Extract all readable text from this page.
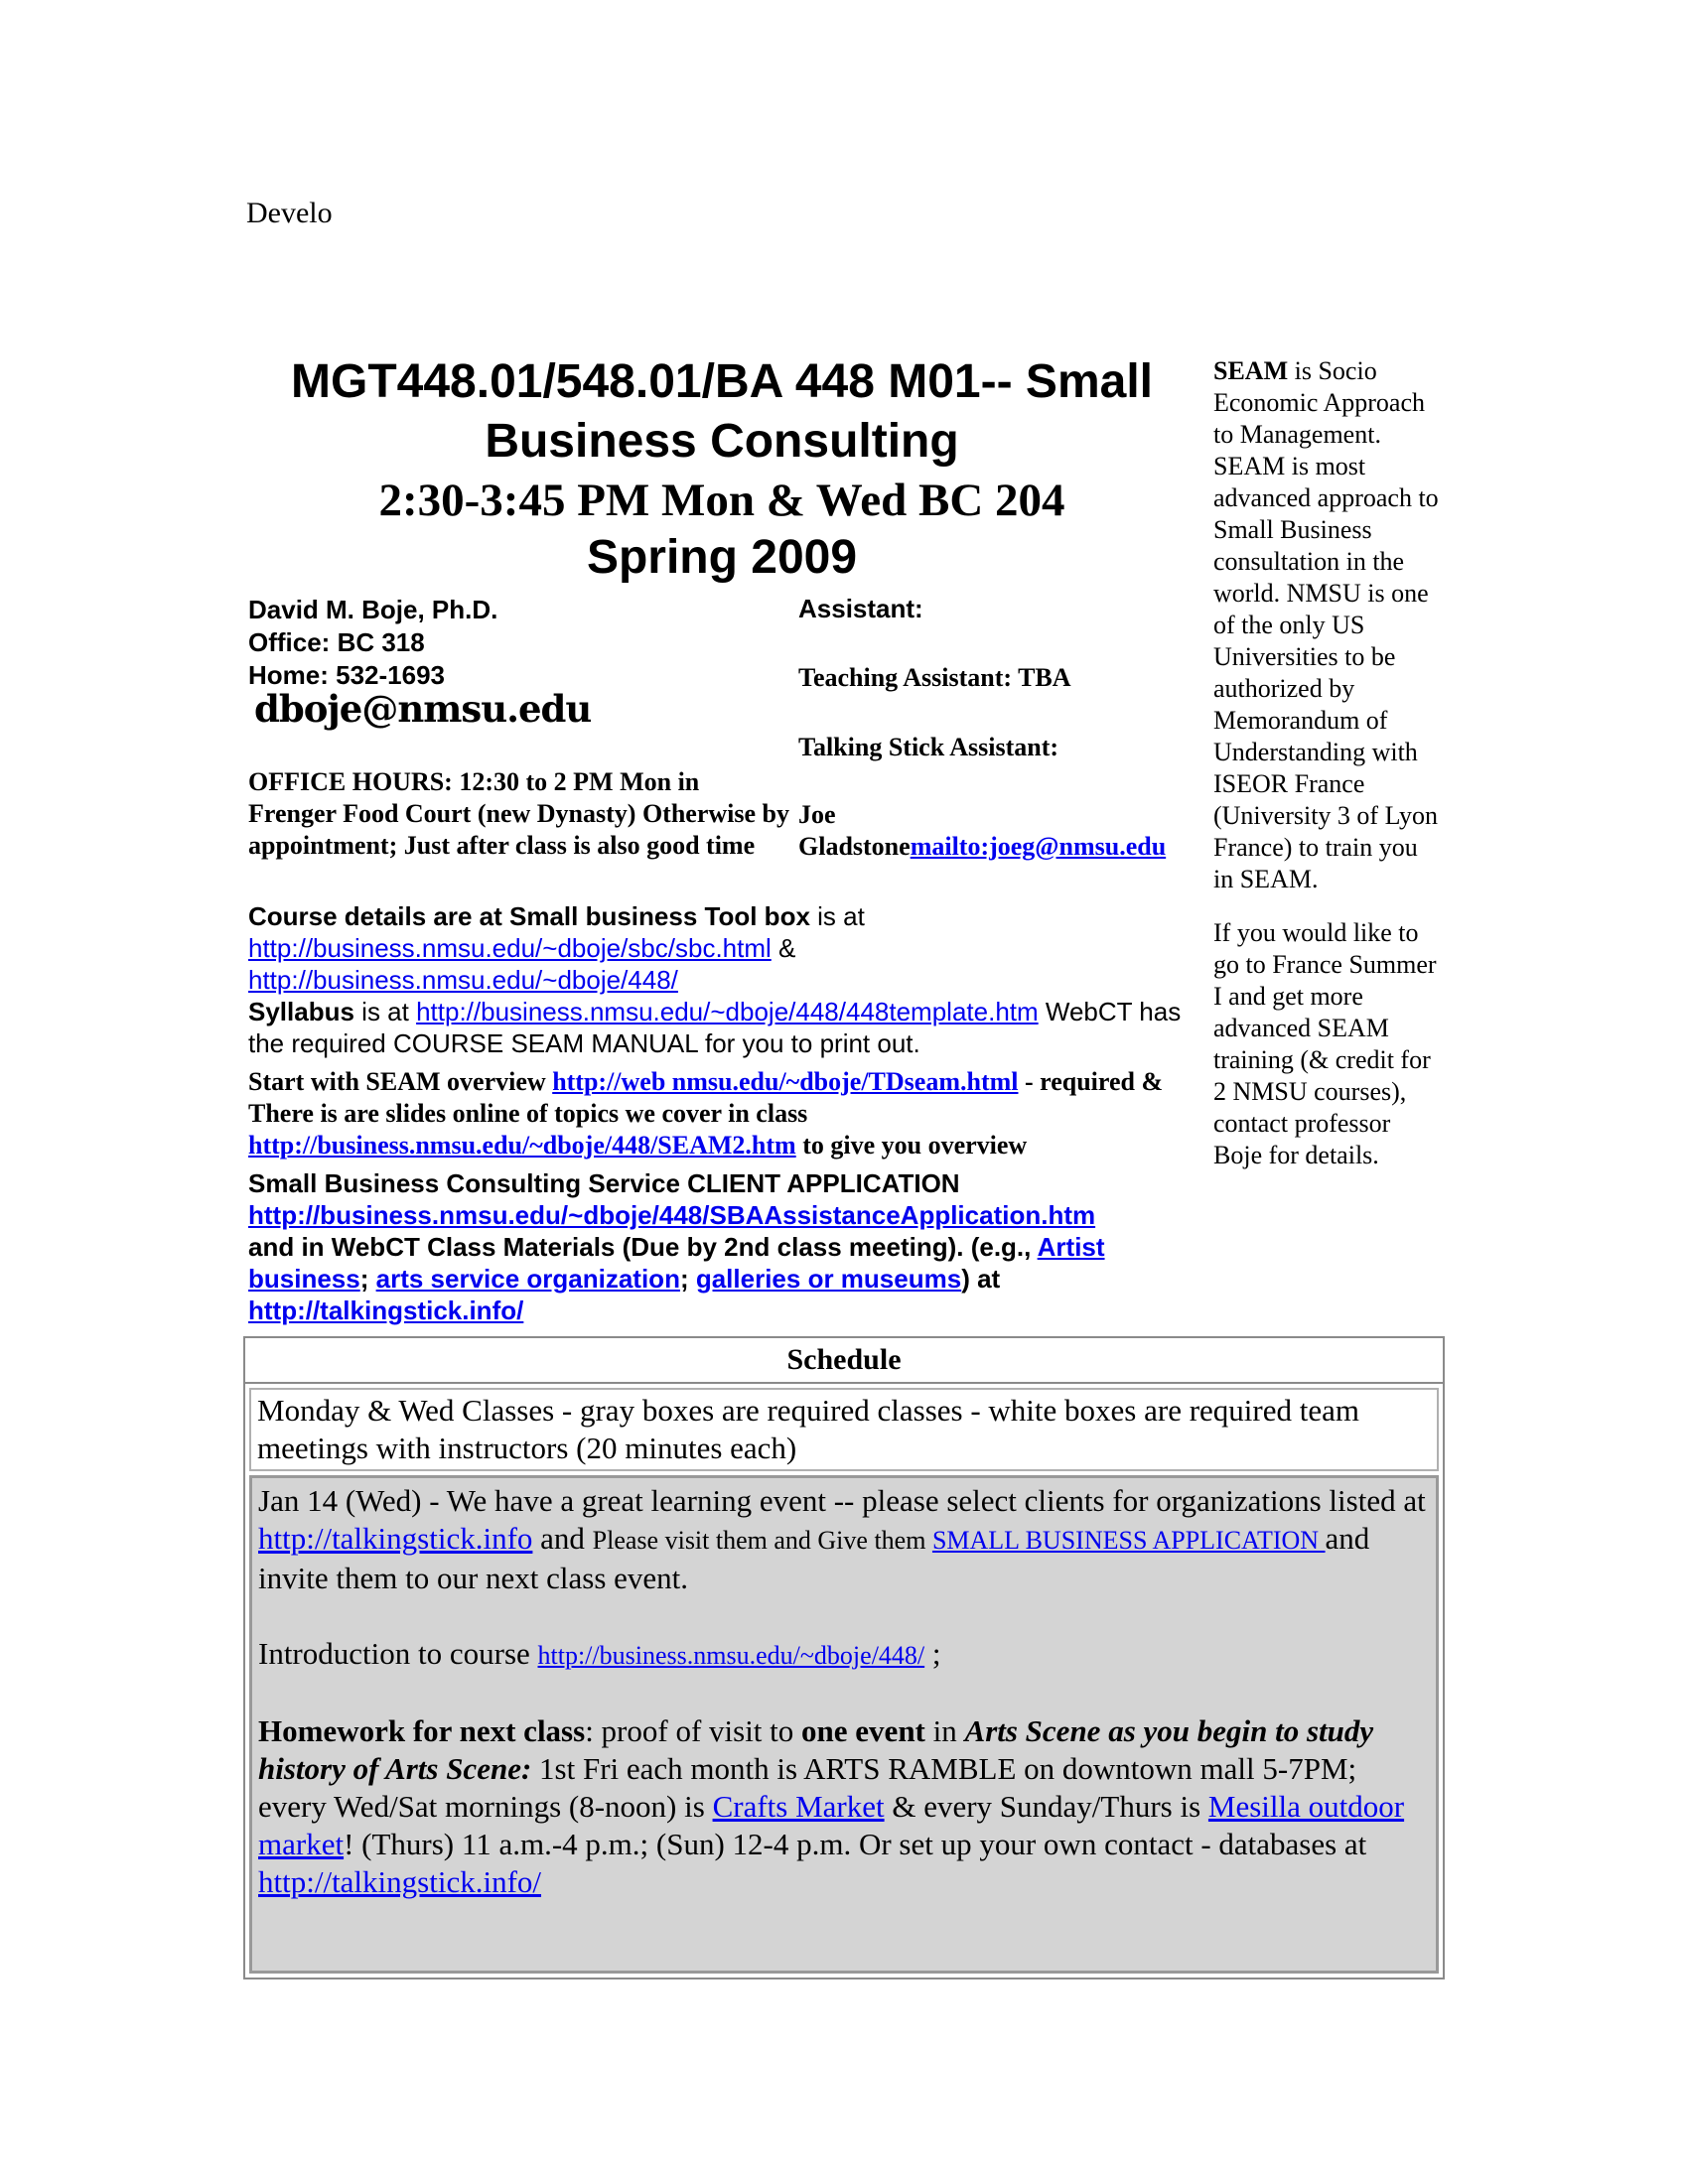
Develo
MGT448.01/548.01/BA 448 M01-- Small Business Consulting
2:30-3:45 PM Mon & Wed BC 204
Spring 2009
David M. Boje, Ph.D.
Office: BC 318
Home: 532-1693
dboje@nmsu.edu
Assistant:
Teaching Assistant: TBA
Talking Stick Assistant:
Joe
Gladstonemailto:joeg@nmsu.edu
OFFICE HOURS: 12:30 to 2 PM Mon in Frenger Food Court (new Dynasty) Otherwise by appointment; Just after class is also good time
Course details are at Small business Tool box is at
http://business.nmsu.edu/~dboje/sbc/sbc.html &
http://business.nmsu.edu/~dboje/448/
Syllabus is at http://business.nmsu.edu/~dboje/448/448template.htm WebCT has the required COURSE SEAM MANUAL for you to print out.
Start with SEAM overview http://web nmsu.edu/~dboje/TDseam.html - required & There is are slides online of topics we cover in class http://business.nmsu.edu/~dboje/448/SEAM2.htm to give you overview
Small Business Consulting Service CLIENT APPLICATION
http://business.nmsu.edu/~dboje/448/SBAAssistanceApplication.htm
and in WebCT Class Materials (Due by 2nd class meeting). (e.g., Artist business; arts service organization; galleries or museums) at http://talkingstick.info/

SEAM is Socio Economic Approach to Management. SEAM is most advanced approach to Small Business consultation in the world. NMSU is one of the only US Universities to be authorized by Memorandum of Understanding with ISEOR France (University 3 of Lyon France) to train you in SEAM.

If you would like to go to France Summer I and get more advanced SEAM training (& credit for 2 NMSU courses), contact professor Boje for details.

Schedule
Monday & Wed Classes - gray boxes are required classes - white boxes are required team meetings with instructors (20 minutes each)

Jan 14 (Wed) - We have a great learning event -- please select clients for organizations listed at http://talkingstick.info and Please visit them and Give them SMALL BUSINESS APPLICATION and invite them to our next class event.

Introduction to course http://business.nmsu.edu/~dboje/448/ ;

Homework for next class: proof of visit to one event in Arts Scene as you begin to study history of Arts Scene: 1st Fri each month is ARTS RAMBLE on downtown mall 5-7PM; every Wed/Sat mornings (8-noon) is Crafts Market & every Sunday/Thurs is Mesilla outdoor market! (Thurs) 11 a.m.-4 p.m.; (Sun) 12-4 p.m. Or set up your own contact - databases at http://talkingstick.info/
